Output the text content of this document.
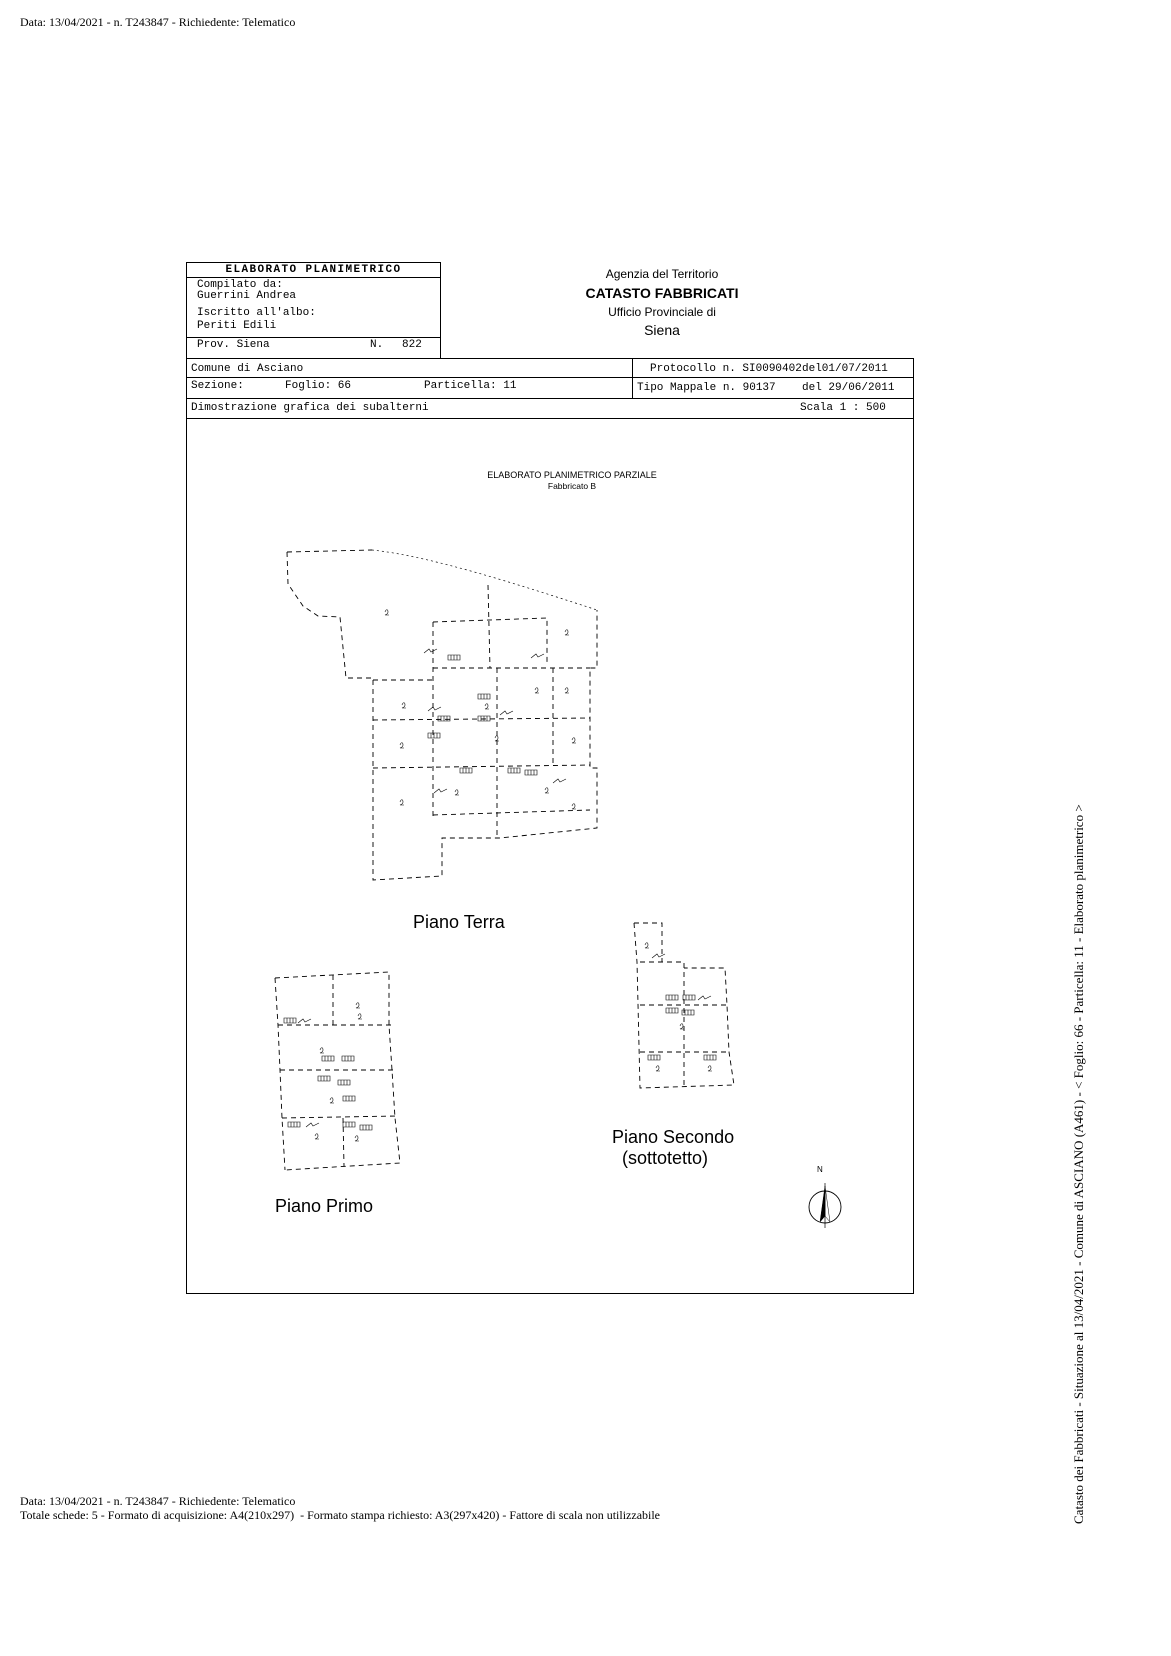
Data: 13/04/2021 - n. T243847 - Richiedente: Telematico
ELABORATO PLANIMETRICO
Compilato da:
Guerrini Andrea
Iscritto all'albo:
Periti Edili
Prov. Siena	N. 822
Agenzia del Territorio
CATASTO FABBRICATI
Ufficio Provinciale di
Siena
Comune di Asciano
Sezione:	Foglio: 66	Particella: 11
Protocollo n. SI0090402 del01/07/2011
Tipo Mappale n. 90137 del 29/06/2011
Dimostrazione grafica dei subalterni	Scala 1 : 500
ELABORATO PLANIMETRICO PARZIALE
Fabbricato B
N
Piano Terra
Piano Primo
Piano Secondo
(sottotetto)
Data: 13/04/2021 - n. T243847 - Richiedente: Telematico
Totale schede: 5 - Formato di acquisizione: A4(210x297)  - Formato stampa richiesto: A3(297x420) - Fattore di scala non utilizzabile	Catasto dei Fabbricati - Situazione al 13/04/2021 - Comune di ASCIANO (A461) - < Foglio: 66 - Particella: 11 - Elaborato planimetrico >
